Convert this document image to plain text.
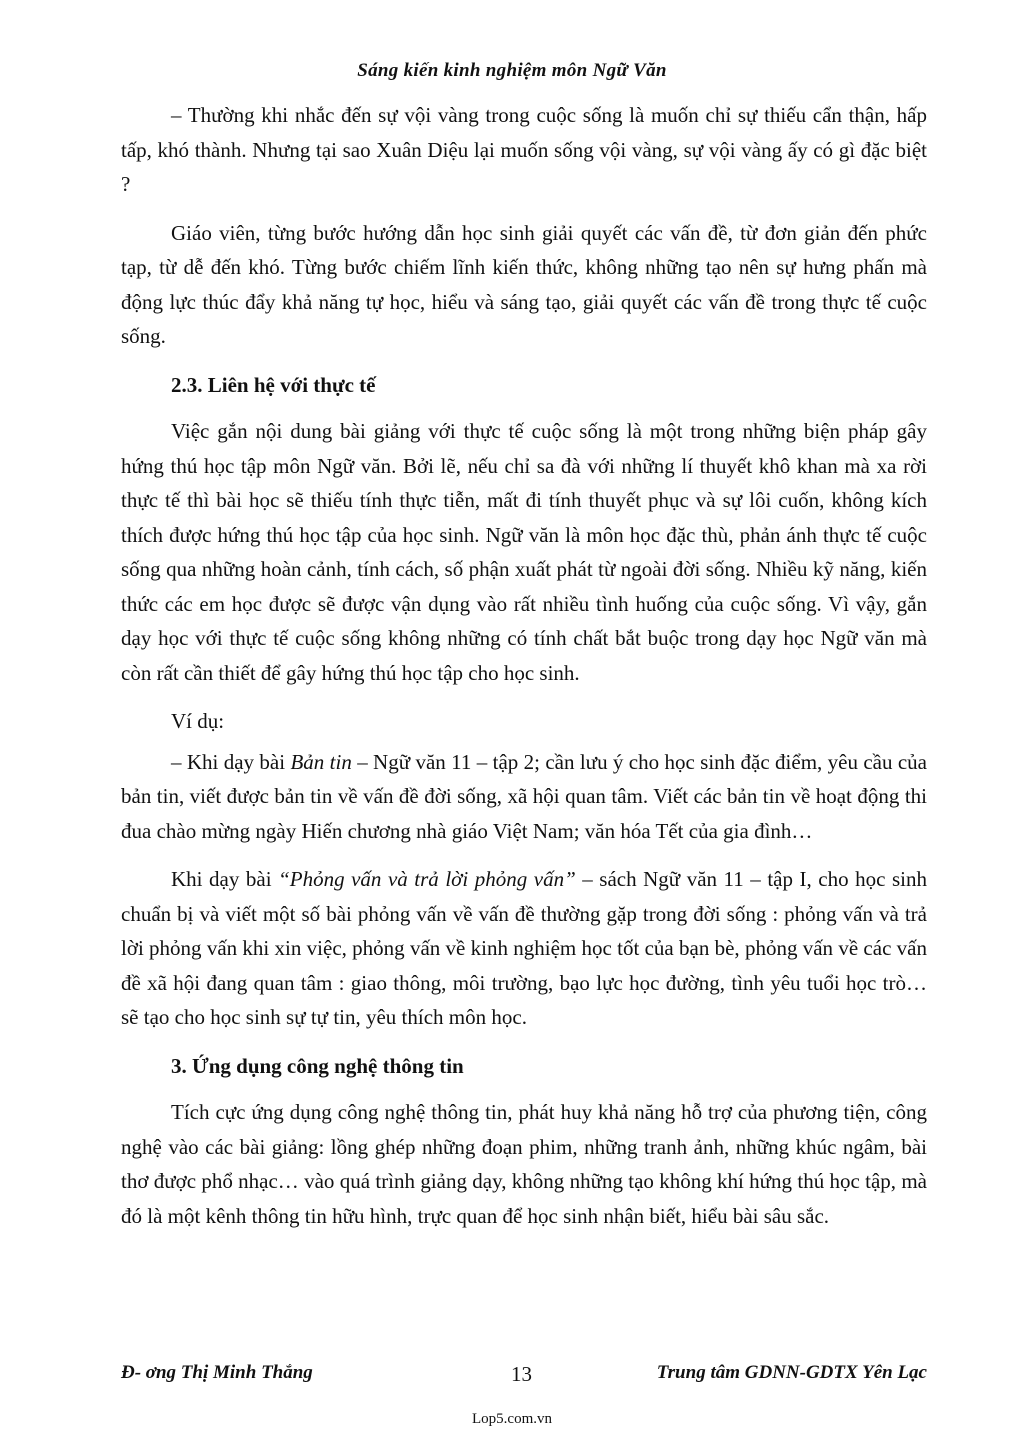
Sáng kiến kinh nghiệm môn Ngữ Văn

– Thường khi nhắc đến sự vội vàng trong cuộc sống là muốn chỉ sự thiếu cẩn thận, hấp tấp, khó thành. Nhưng tại sao Xuân Diệu lại muốn sống vội vàng, sự vội vàng ấy có gì đặc biệt ?

Giáo viên, từng bước hướng dẫn học sinh giải quyết các vấn đề, từ đơn giản đến phức tạp, từ dễ đến khó. Từng bước chiếm lĩnh kiến thức, không những tạo nên sự hưng phấn mà động lực thúc đẩy khả năng tự học, hiểu và sáng tạo, giải quyết các vấn đề trong thực tế cuộc sống.

2.3. Liên hệ với thực tế

Việc gắn nội dung bài giảng với thực tế cuộc sống là một trong những biện pháp gây hứng thú học tập môn Ngữ văn. Bởi lẽ, nếu chỉ sa đà với những lí thuyết khô khan mà xa rời thực tế thì bài học sẽ thiếu tính thực tiễn, mất đi tính thuyết phục và sự lôi cuốn, không kích thích được hứng thú học tập của học sinh. Ngữ văn là môn học đặc thù, phản ánh thực tế cuộc sống qua những hoàn cảnh, tính cách, số phận xuất phát từ ngoài đời sống. Nhiều kỹ năng, kiến thức các em học được sẽ được vận dụng vào rất nhiều tình huống của cuộc sống. Vì vậy, gắn dạy học với thực tế cuộc sống không những có tính chất bắt buộc trong dạy học Ngữ văn mà còn rất cần thiết để gây hứng thú học tập cho học sinh.

Ví dụ:

– Khi dạy bài Bản tin – Ngữ văn 11 – tập 2; cần lưu ý cho học sinh đặc điểm, yêu cầu của bản tin, viết được bản tin về vấn đề đời sống, xã hội quan tâm. Viết các bản tin về hoạt động thi đua chào mừng ngày Hiến chương nhà giáo Việt Nam; văn hóa Tết của gia đình…

Khi dạy bài “Phỏng vấn và trả lời phỏng vấn” – sách Ngữ văn 11 – tập I, cho học sinh chuẩn bị và viết một số bài phỏng vấn về vấn đề thường gặp trong đời sống : phỏng vấn và trả lời phỏng vấn khi xin việc, phỏng vấn về kinh nghiệm học tốt của bạn bè, phỏng vấn về các vấn đề xã hội đang quan tâm : giao thông, môi trường, bạo lực học đường, tình yêu tuổi học trò… sẽ tạo cho học sinh sự tự tin, yêu thích môn học.

3. Ứng dụng công nghệ thông tin

Tích cực ứng dụng công nghệ thông tin, phát huy khả năng hỗ trợ của phương tiện, công nghệ vào các bài giảng: lồng ghép những đoạn phim, những tranh ảnh, những khúc ngâm, bài thơ được phổ nhạc… vào quá trình giảng dạy, không những tạo không khí hứng thú học tập, mà đó là một kênh thông tin hữu hình, trực quan để học sinh nhận biết, hiểu bài sâu sắc.

Đ- ơng Thị Minh Thắng	13	Trung tâm GDNN-GDTX Yên Lạc
Lop5.com.vn
